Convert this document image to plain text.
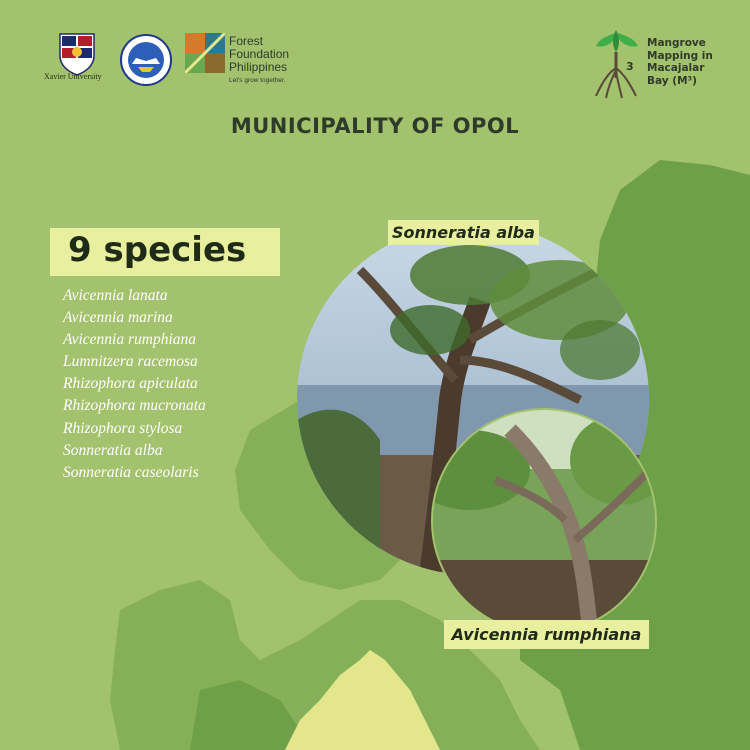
Xavier University
Forest
Foundation
Philippines
Let's grow together.
3
Mangrove
Mapping in
Macajalar
Bay (M³)
MUNICIPALITY OF OPOL
9 species
Avicennia lanata
Avicennia marina
Avicennia rumphiana
Lumnitzera racemosa
Rhizophora apiculata
Rhizophora mucronata
Rhizophora stylosa
Sonneratia alba
Sonneratia caseolaris
Sonneratia alba
Avicennia rumphiana
